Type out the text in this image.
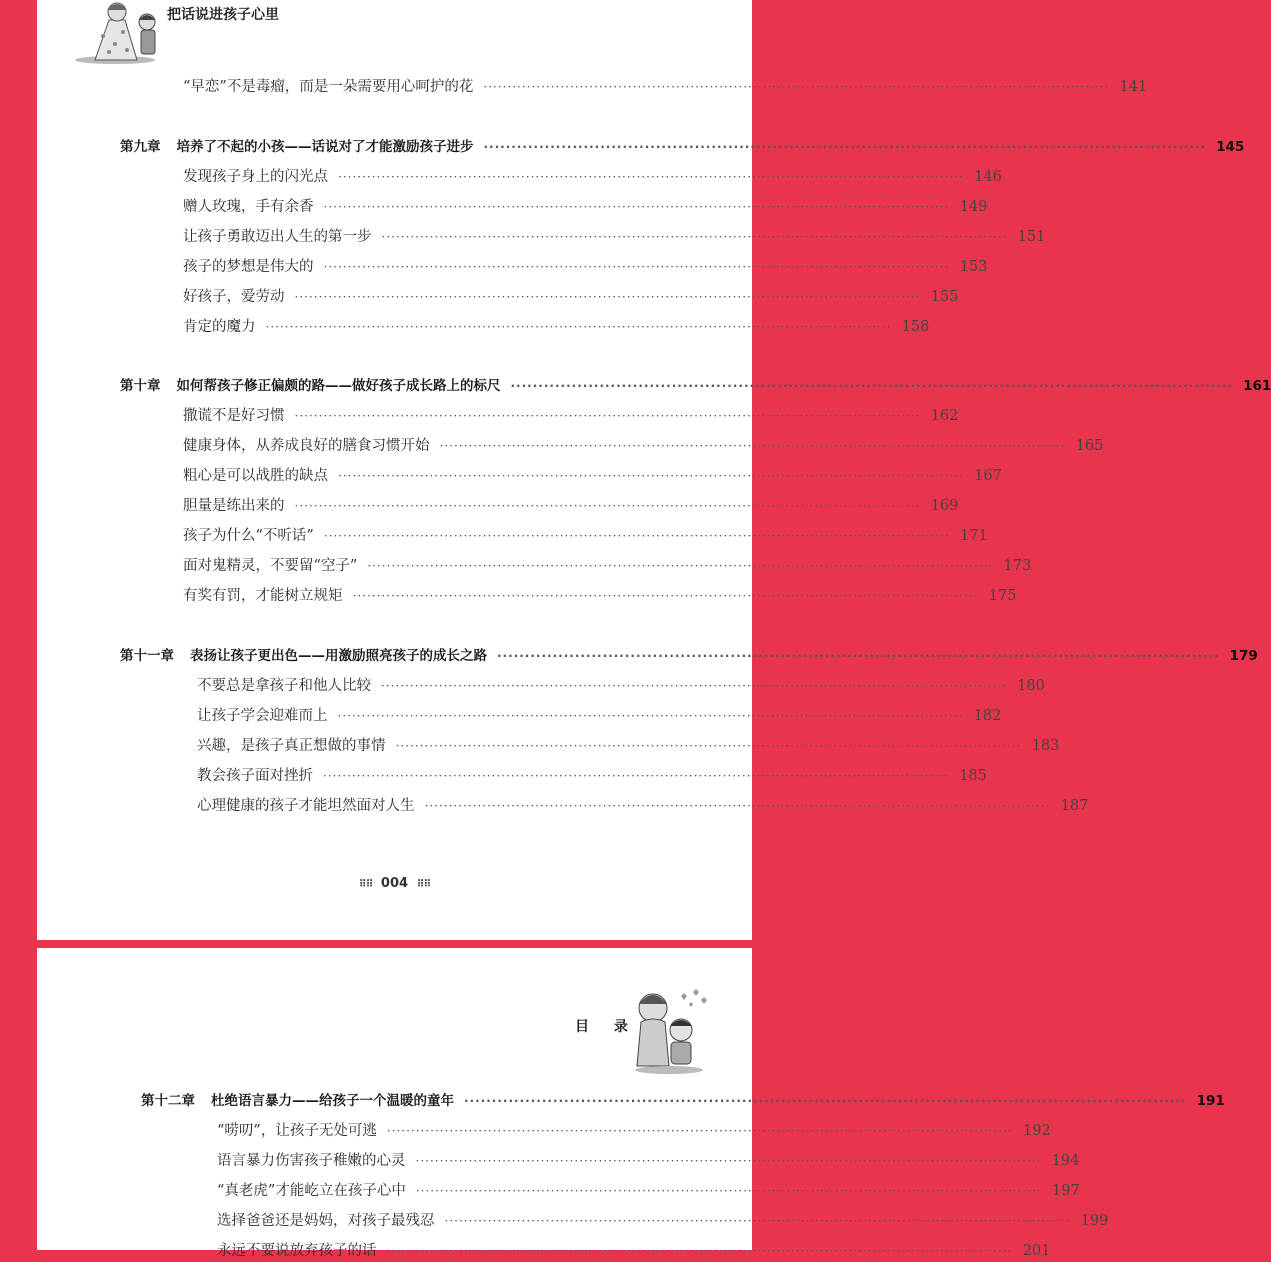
把话说进孩子心里
“早恋”不是毒瘤，而是一朵需要用心呵护的花 ·····	141
第九章 培养了不起的小孩——话说对了才能激励孩子进步 ·····	145
发现孩子身上的闪光点 ·····	146
赠人玫瑰，手有余香 ·····	149
让孩子勇敢迈出人生的第一步 ·····	151
孩子的梦想是伟大的 ·····	153
好孩子，爱劳动 ·····	155
肯定的魔力 ·····	158
第十章 如何帮孩子修正偏颇的路——做好孩子成长路上的标尺 ·····	161
撒谎不是好习惯 ·····	162
健康身体，从养成良好的膳食习惯开始 ·····	165
粗心是可以战胜的缺点 ·····	167
胆量是练出来的 ·····	169
孩子为什么“不听话” ·····	171
面对鬼精灵，不要留“空子” ·····	173
有奖有罚，才能树立规矩 ·····	175
第十一章 表扬让孩子更出色——用激励照亮孩子的成长之路 ·····	179
不要总是拿孩子和他人比较 ·····	180
让孩子学会迎难而上 ·····	182
兴趣，是孩子真正想做的事情 ·····	183
教会孩子面对挫折 ·····	185
心理健康的孩子才能坦然面对人生 ·····	187
⠿⠿ 004 ⠿⠿
目 录
第十二章 杜绝语言暴力——给孩子一个温暖的童年 ·····	191
“唠叨”，让孩子无处可逃 ·····	192
语言暴力伤害孩子稚嫩的心灵 ·····	194
“真老虎”才能屹立在孩子心中 ·····	197
选择爸爸还是妈妈，对孩子最残忍 ·····	199
永远不要说放弃孩子的话 ·····	201
